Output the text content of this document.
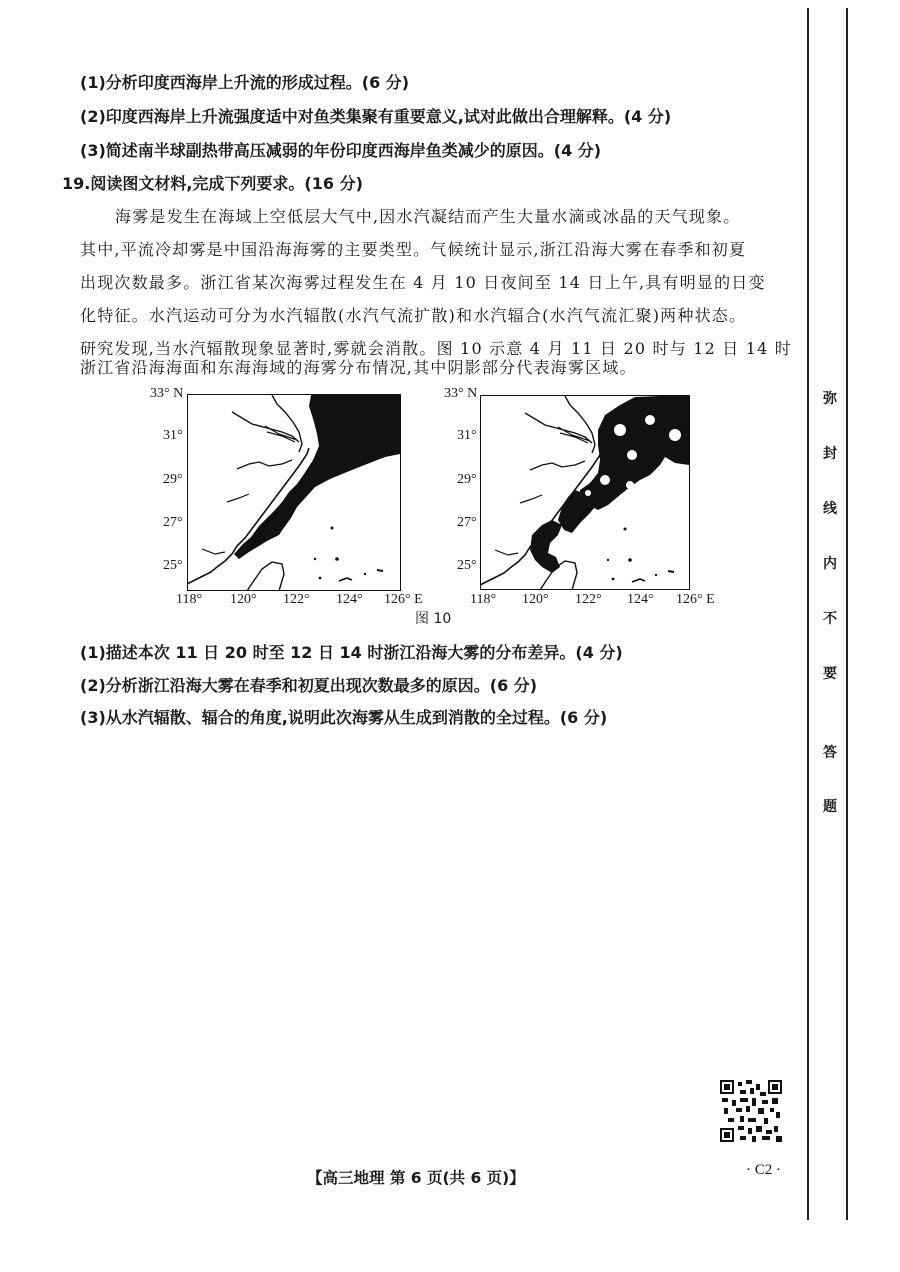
(1)分析印度西海岸上升流的形成过程。(6 分)
(2)印度西海岸上升流强度适中对鱼类集聚有重要意义,试对此做出合理解释。(4 分)
(3)简述南半球副热带高压减弱的年份印度西海岸鱼类减少的原因。(4 分)
19.阅读图文材料,完成下列要求。(16 分)
海雾是发生在海域上空低层大气中,因水汽凝结而产生大量水滴或冰晶的天气现象。
其中,平流冷却雾是中国沿海海雾的主要类型。气候统计显示,浙江沿海大雾在春季和初夏
出现次数最多。浙江省某次海雾过程发生在 4 月 10 日夜间至 14 日上午,具有明显的日变
化特征。水汽运动可分为水汽辐散(水汽气流扩散)和水汽辐合(水汽气流汇聚)两种状态。
研究发现,当水汽辐散现象显著时,雾就会消散。图 10 示意 4 月 11 日 20 时与 12 日 14 时
浙江省沿海海面和东海海域的海雾分布情况,其中阴影部分代表海雾区域。
33° N
31°
29°
27°
25°
118° 120° 122° 124° 126° E
33° N
31°
29°
27°
25°
118° 120° 122° 124° 126° E
图 10
(1)描述本次 11 日 20 时至 12 日 14 时浙江沿海大雾的分布差异。(4 分)
(2)分析浙江沿海大雾在春季和初夏出现次数最多的原因。(6 分)
(3)从水汽辐散、辐合的角度,说明此次海雾从生成到消散的全过程。(6 分)
弥
封
线
内
不
要
答
题
· C2 ·
【高三地理 第 6 页(共 6 页)】
